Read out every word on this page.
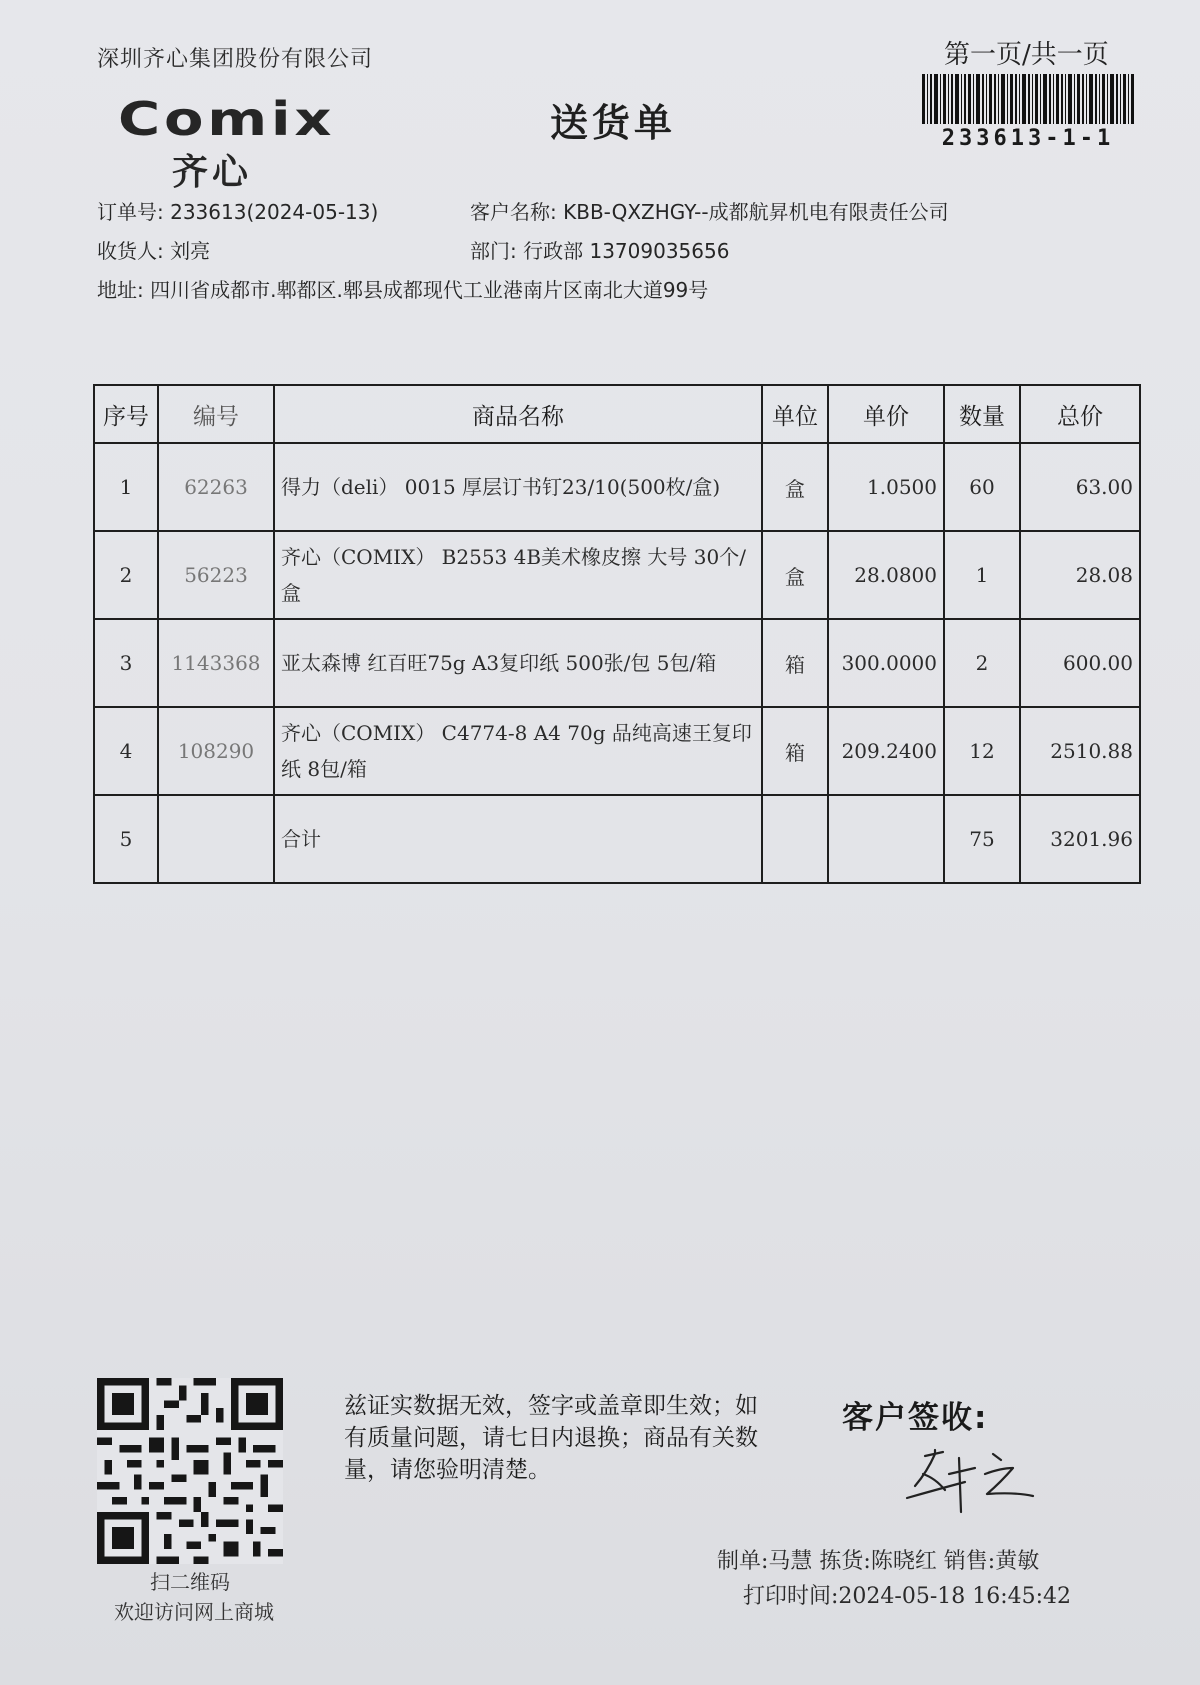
深圳齐心集团股份有限公司
Comix
齐心
送货单
第一页/共一页
233613-1-1
订单号: 233613(2024-05-13)	客户名称: KBB-QXZHGY--成都航昇机电有限责任公司
收货人: 刘亮	部门: 行政部 13709035656
地址: 四川省成都市.郫都区.郫县成都现代工业港南片区南北大道99号
序号	编号	商品名称	单位	单价	数量	总价
1	62263	得力（deli） 0015 厚层订书钉23/10(500枚/盒)	盒	1.0500	60	63.00
2	56223	齐心（COMIX） B2553 4B美术橡皮擦 大号 30个/盒	盒	28.0800	1	28.08
3	1143368	亚太森博 红百旺75g A3复印纸 500张/包 5包/箱	箱	300.0000	2	600.00
4	108290	齐心（COMIX） C4774-8 A4 70g 品纯高速王复印纸 8包/箱	箱	209.2400	12	2510.88
5		合计			75	3201.96
扫二维码
欢迎访问网上商城
兹证实数据无效，签字或盖章即生效；如有质量问题，请七日内退换；商品有关数量，请您验明清楚。
客户签收:
制单:马慧 拣货:陈晓红 销售:黄敏
打印时间:2024-05-18 16:45:42
